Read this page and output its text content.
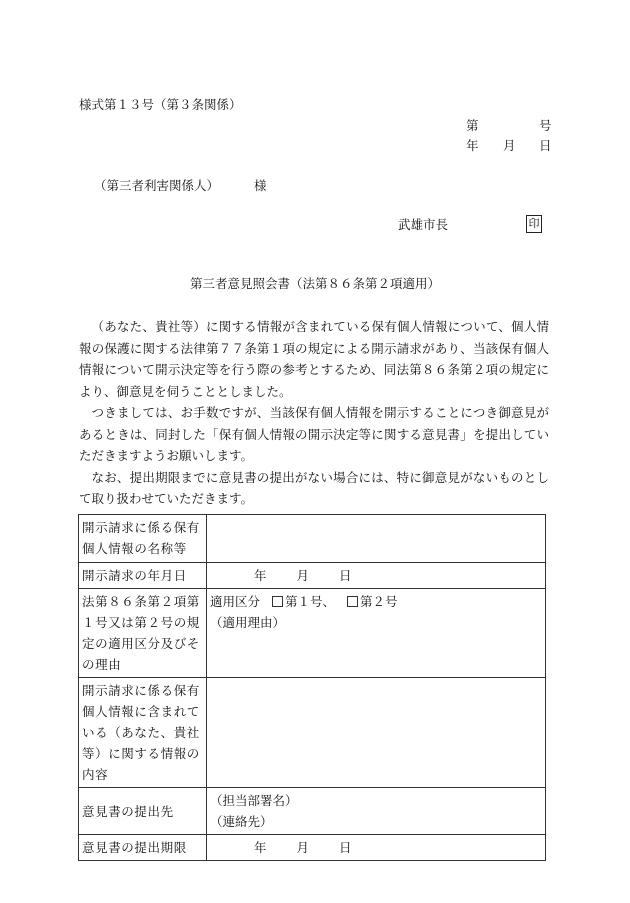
様式第１３号（第３条関係）
第	号
年 月 日
（第三者利害関係人）	様
武雄市長	印
第三者意見照会書（法第８６条第２項適用）

（あなた、貴社等）に関する情報が含まれている保有個人情報について、個人情報の保護に関する法律第７７条第１項の規定による開示請求があり、当該保有個人情報について開示決定等を行う際の参考とするため、同法第８６条第２項の規定により、御意見を伺うこととしました。

つきましては、お手数ですが、当該保有個人情報を開示することにつき御意見があるときは、同封した「保有個人情報の開示決定等に関する意見書」を提出していただきますようお願いします。

なお、提出期限までに意見書の提出がない場合には、特に御意見がないものとして取り扱わせていただきます。

開示請求に係る保有個人情報の名称等	
開示請求の年月日	年 月 日
法第８６条第２項第１号又は第２号の規定の適用区分及びその理由	適用区分 第１号、 第２号
（適用理由）

開示請求に係る保有個人情報に含まれている（あなた、貴社等）に関する情報の内容	
意見書の提出先	（担当部署名）
（連絡先）

意見書の提出期限	年 月 日
